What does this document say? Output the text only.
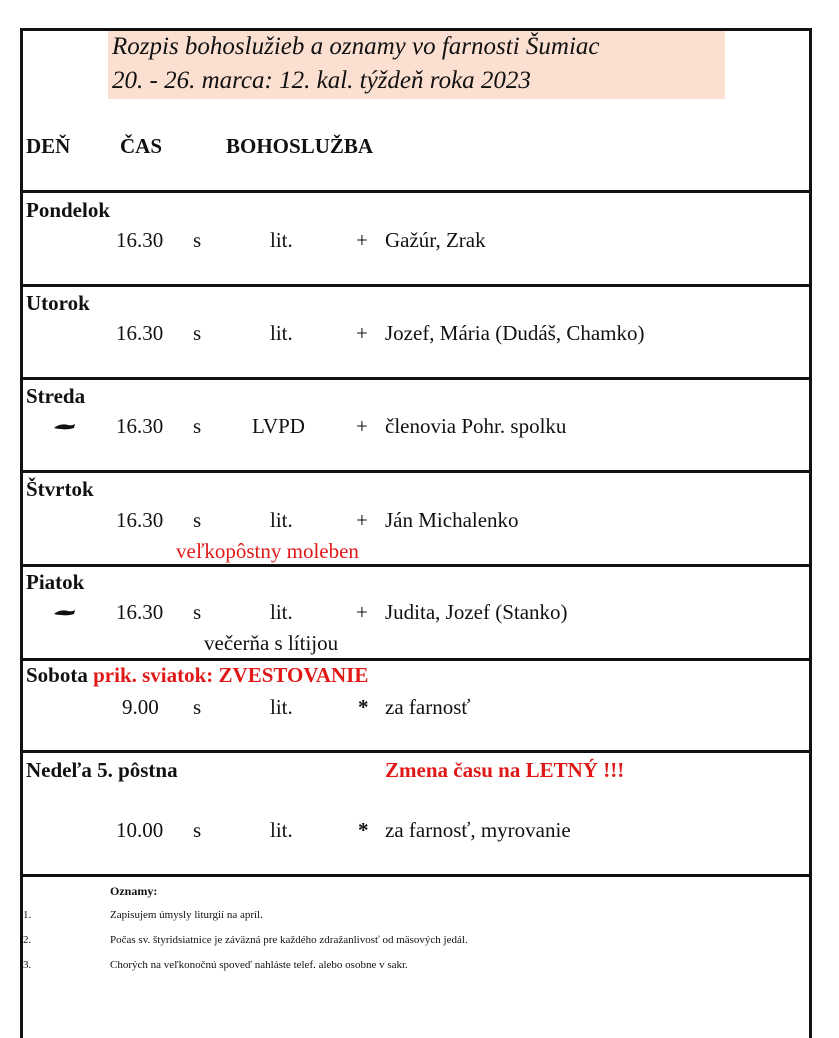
Rozpis bohoslužieb a oznamy vo farnosti Šumiac
20. - 26. marca: 12. kal. týždeň roka 2023
DEŇ ČAS	BOHOSLUŽBA
Pondelok
16.30 s	lit.	+ Gažúr, Zrak
Utorok
16.30 s	lit.	+ Jozef, Mária (Dudáš, Chamko)
Streda
16.30 s LVPD + členovia Pohr. spolku
Štvrtok
16.30 s	lit.	+ Ján Michalenko
veľkopôstny moleben
Piatok
16.30 s	lit.	+ Judita, Jozef (Stanko)
večerňa s lítijou
Sobota prik. sviatok: ZVESTOVANIE
9.00 s	lit.	* za farnosť
Nedeľa 5. pôstna	Zmena času na LETNÝ !!!
10.00 s	lit.	* za farnosť, myrovanie
Oznamy:
1.	Zapisujem úmysly liturgií na apríl.
2.	Počas sv. štyridsiatnice je záväzná pre každého zdražanlivosť od mäsových jedál.
3.	Chorých na veľkonočnú spoveď nahláste telef. alebo osobne v sakr.
